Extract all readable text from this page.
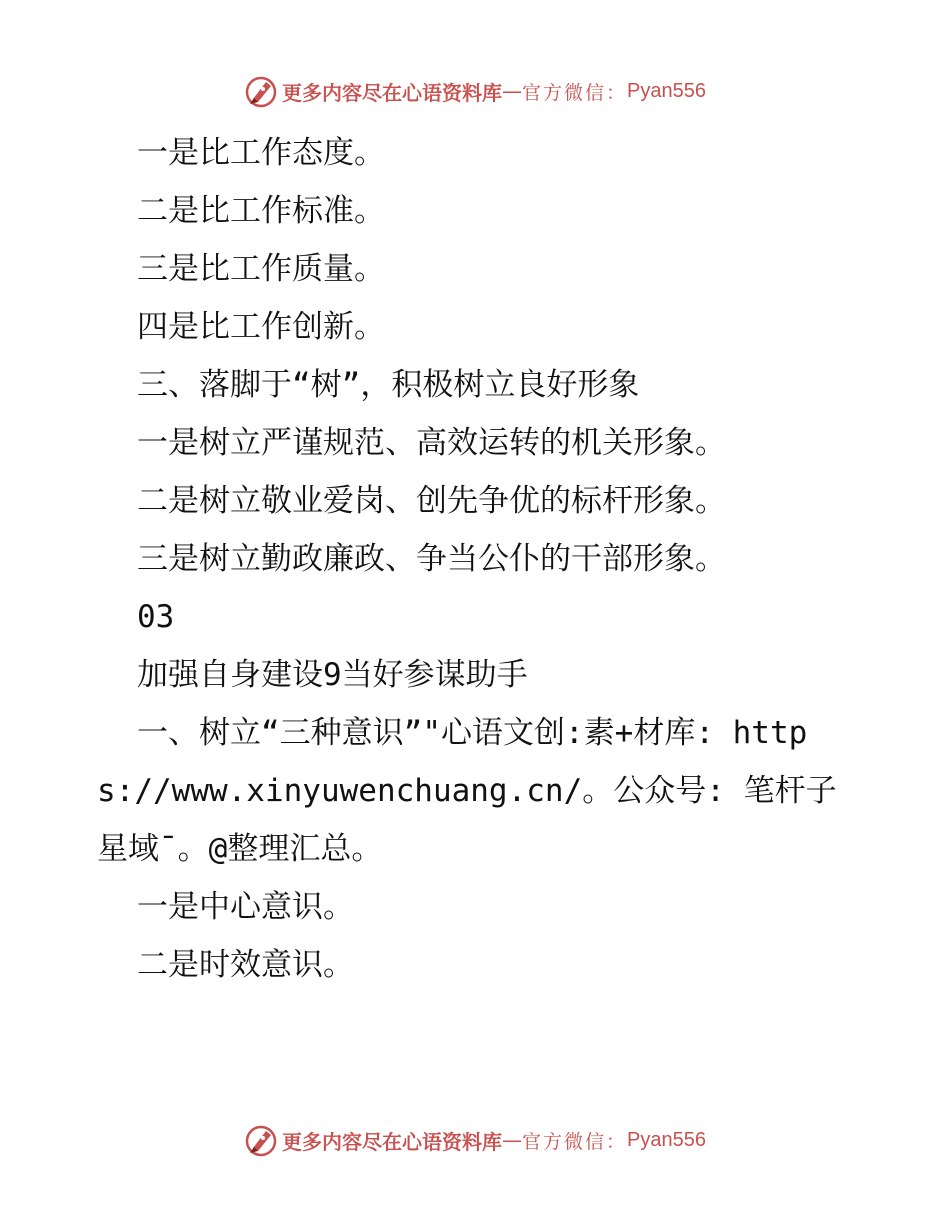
更多内容尽在心语资料库 — 官方微信： Pyan556
一是比工作态度。
二是比工作标准。
三是比工作质量。
四是比工作创新。
三、落脚于“树”，积极树立良好形象
一是树立严谨规范、高效运转的机关形象。
二是树立敬业爱岗、创先争优的标杆形象。
三是树立勤政廉政、争当公仆的干部形象。
03
加强自身建设9当好参谋助手
一、树立“三种意识”"心语文创:素+材库: https://www.xinyuwenchuang.cn/。公众号: 笔杆子星域¯。@整理汇总。
一是中心意识。
二是时效意识。
更多内容尽在心语资料库 — 官方微信： Pyan556
